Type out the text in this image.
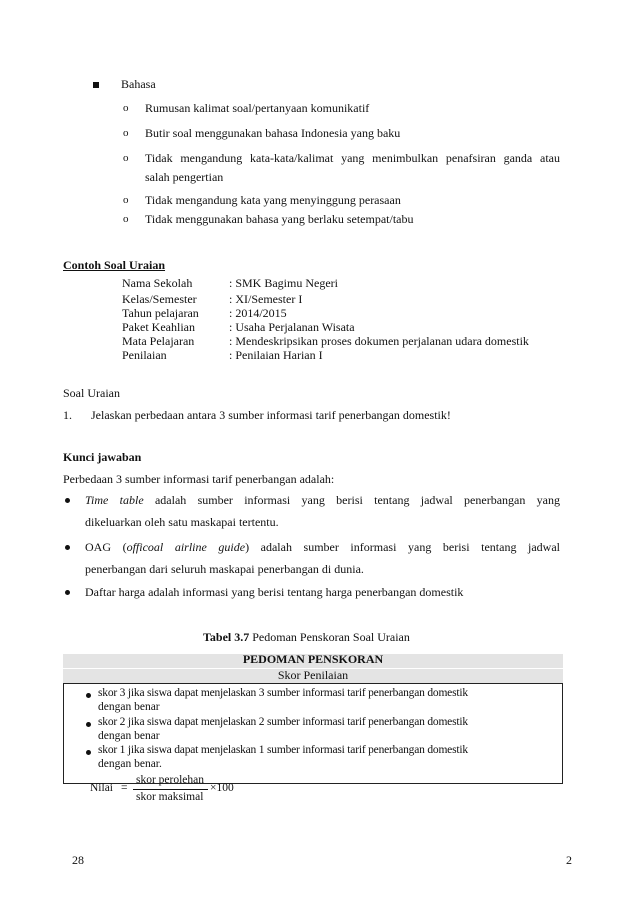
Bahasa
o Rumusan kalimat soal/pertanyaan komunikatif
o Butir soal menggunakan bahasa Indonesia yang baku
o Tidak mengandung kata-kata/kalimat yang menimbulkan penafsiran ganda atau
salah pengertian
o Tidak mengandung kata yang menyinggung perasaan
o Tidak menggunakan bahasa yang berlaku setempat/tabu
Contoh Soal Uraian
Nama Sekolah	: SMK Bagimu Negeri
Kelas/Semester	: XI/Semester I
Tahun pelajaran	: 2014/2015
Paket Keahlian	: Usaha Perjalanan Wisata
Mata Pelajaran	: Mendeskripsikan proses dokumen perjalanan udara domestik
Penilaian	: Penilaian Harian I
Soal Uraian
1. Jelaskan perbedaan antara 3 sumber informasi tarif penerbangan domestik!
Kunci jawaban
Perbedaan 3 sumber informasi tarif penerbangan adalah:
Time table adalah sumber informasi yang berisi tentang jadwal penerbangan yang
dikeluarkan oleh satu maskapai tertentu.
OAG (officoal airline guide) adalah sumber informasi yang berisi tentang jadwal
penerbangan dari seluruh maskapai penerbangan di dunia.
Daftar harga adalah informasi yang berisi tentang harga penerbangan domestik
Tabel 3.7 Pedoman Penskoran Soal Uraian
PEDOMAN PENSKORAN
Skor Penilaian
skor 3 jika siswa dapat menjelaskan 3 sumber informasi tarif penerbangan domestik
dengan benar
skor 2 jika siswa dapat menjelaskan 2 sumber informasi tarif penerbangan domestik
dengan benar
skor 1 jika siswa dapat menjelaskan 1 sumber informasi tarif penerbangan domestik
dengan benar.
Nilai =
skor perolehan
skor maksimal
×100
28	2
